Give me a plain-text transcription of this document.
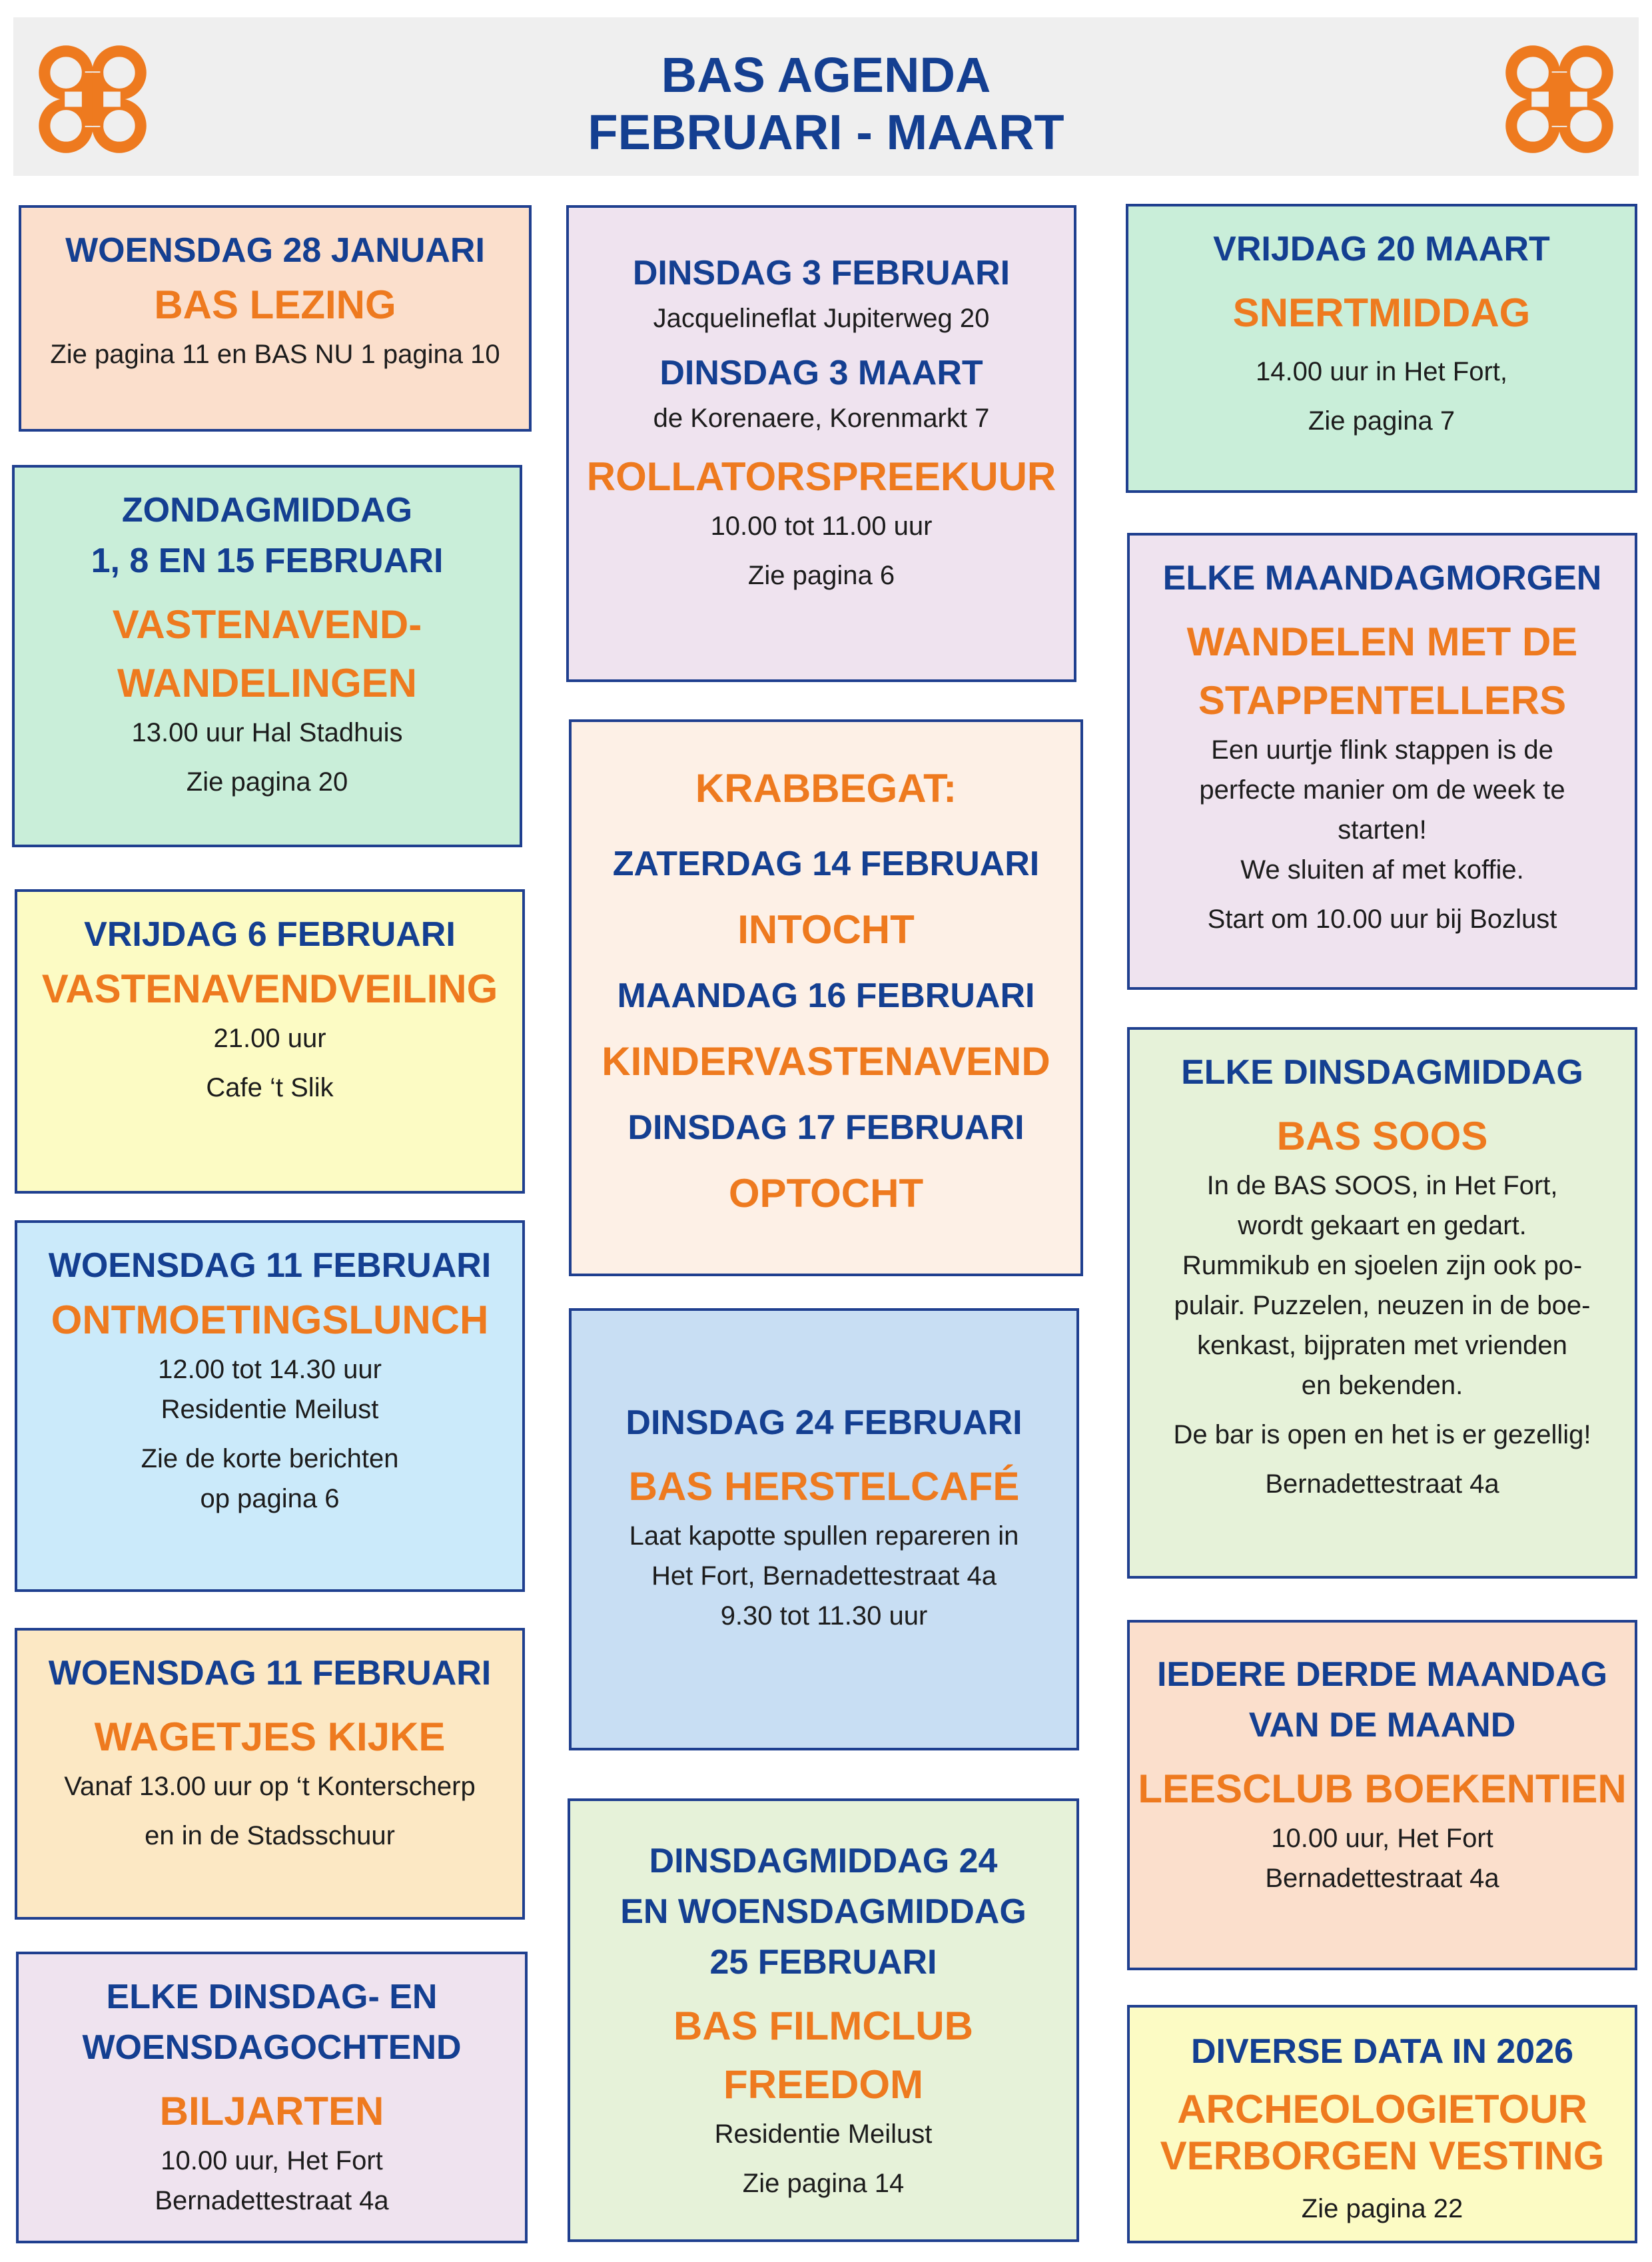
BAS AGENDA
FEBRUARI - MAART
WOENSDAG 28 JANUARI
BAS LEZING
Zie pagina 11 en BAS NU 1 pagina 10
ZONDAGMIDDAG
1, 8 EN 15 FEBRUARI
VASTENAVEND-
WANDELINGEN
13.00 uur Hal Stadhuis
Zie pagina 20
VRIJDAG 6 FEBRUARI
VASTENAVENDVEILING
21.00 uur
Cafe ‘t Slik
WOENSDAG 11 FEBRUARI
ONTMOETINGSLUNCH
12.00 tot 14.30 uur
Residentie Meilust
Zie de korte berichten
op pagina 6
WOENSDAG 11 FEBRUARI
WAGETJES KIJKE
Vanaf 13.00 uur op ‘t Konterscherp
en in de Stadsschuur
ELKE DINSDAG- EN
WOENSDAGOCHTEND
BILJARTEN
10.00 uur, Het Fort
Bernadettestraat 4a
DINSDAG 3 FEBRUARI
Jacquelineflat Jupiterweg 20
DINSDAG 3 MAART
de Korenaere, Korenmarkt 7
ROLLATORSPREEKUUR
10.00 tot 11.00 uur
Zie pagina 6
KRABBEGAT:
ZATERDAG 14 FEBRUARI
INTOCHT
MAANDAG 16 FEBRUARI
KINDERVASTENAVEND
DINSDAG 17 FEBRUARI
OPTOCHT
DINSDAG 24 FEBRUARI
BAS HERSTELCAFÉ
Laat kapotte spullen repareren in
Het Fort, Bernadettestraat 4a
9.30 tot 11.30 uur
DINSDAGMIDDAG 24
EN WOENSDAGMIDDAG
25 FEBRUARI
BAS FILMCLUB
FREEDOM
Residentie Meilust
Zie pagina 14
VRIJDAG 20 MAART
SNERTMIDDAG
14.00 uur in Het Fort,
Zie pagina 7
ELKE MAANDAGMORGEN
WANDELEN MET DE
STAPPENTELLERS
Een uurtje flink stappen is de
perfecte manier om de week te
starten!
We sluiten af met koffie.
Start om 10.00 uur bij Bozlust
ELKE DINSDAGMIDDAG
BAS SOOS
In de BAS SOOS, in Het Fort,
wordt gekaart en gedart.
Rummikub en sjoelen zijn ook po-
pulair. Puzzelen, neuzen in de boe-
kenkast, bijpraten met vrienden
en bekenden.
De bar is open en het is er gezellig!
Bernadettestraat 4a
IEDERE DERDE MAANDAG
VAN DE MAAND
LEESCLUB BOEKENTIEN
10.00 uur, Het Fort
Bernadettestraat 4a
DIVERSE DATA IN 2026
ARCHEOLOGIETOUR
VERBORGEN VESTING
Zie pagina 22
